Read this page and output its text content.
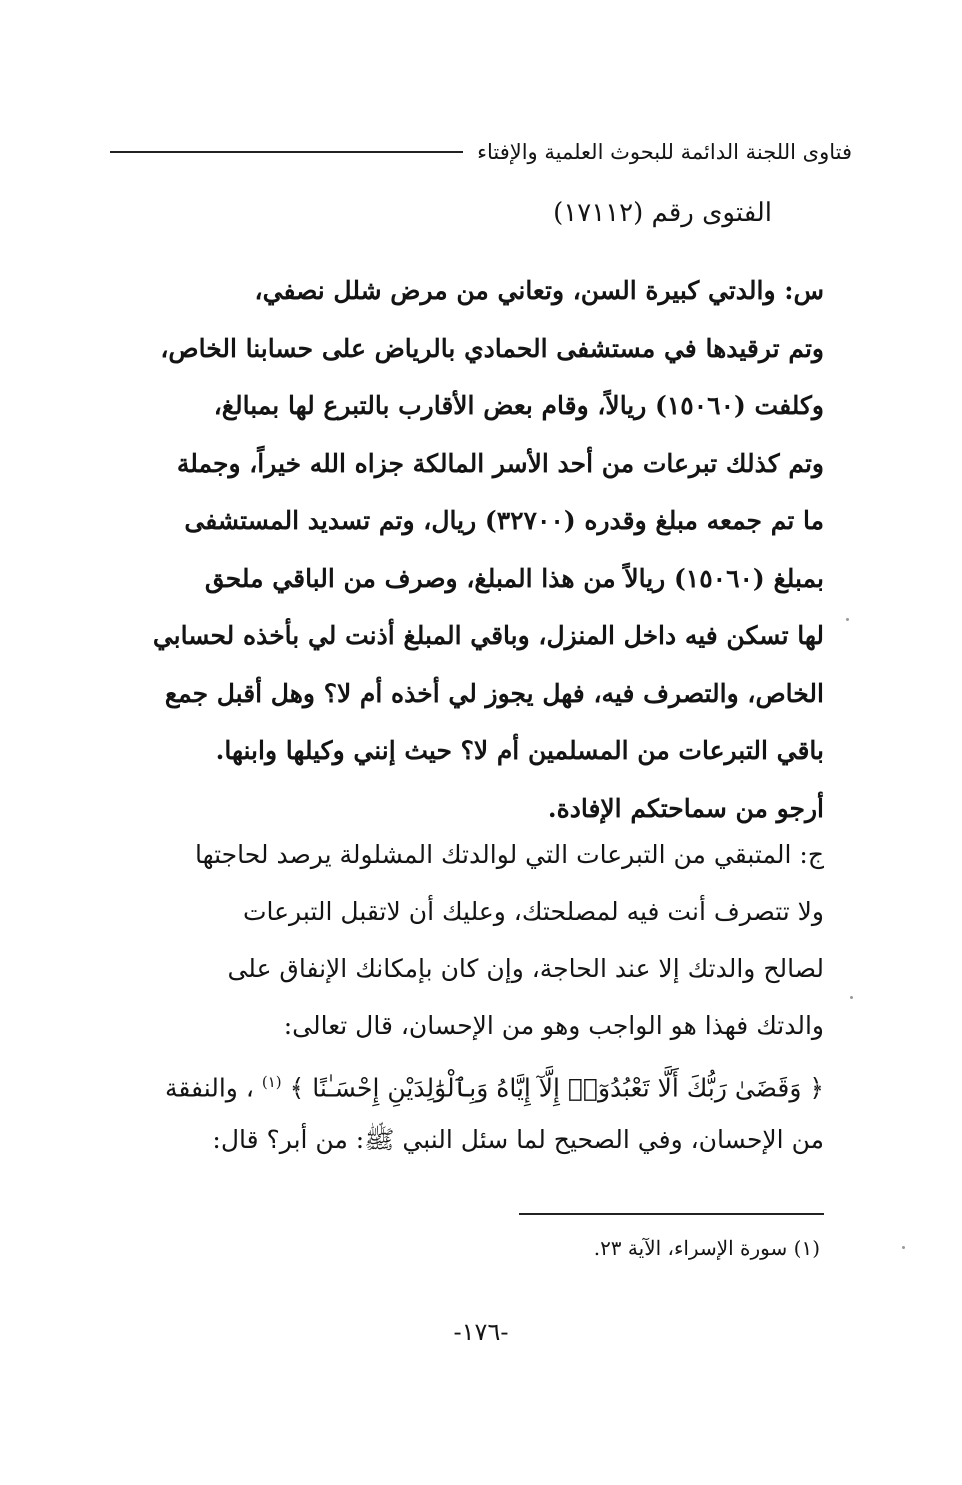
فتاوى اللجنة الدائمة للبحوث العلمية والإفتاء
الفتوى رقم (١٧١١٢)
س: والدتي كبيرة السن، وتعاني من مرض شلل نصفي،
وتم ترقيدها في مستشفى الحمادي بالرياض على حسابنا الخاص،
وكلفت (١٥٠٦٠) ريالاً، وقام بعض الأقارب بالتبرع لها بمبالغ،
وتم كذلك تبرعات من أحد الأسر المالكة جزاه الله خيراً، وجملة
ما تم جمعه مبلغ وقدره (٣٢٧٠٠) ريال، وتم تسديد المستشفى
بمبلغ (١٥٠٦٠) ريالاً من هذا المبلغ، وصرف من الباقي ملحق
لها تسكن فيه داخل المنزل، وباقي المبلغ أذنت لي بأخذه لحسابي
الخاص، والتصرف فيه، فهل يجوز لي أخذه أم لا؟ وهل أقبل جمع
باقي التبرعات من المسلمين أم لا؟ حيث إنني وكيلها وابنها.
أرجو من سماحتكم الإفادة.
ج: المتبقي من التبرعات التي لوالدتك المشلولة يرصد لحاجتها
ولا تتصرف أنت فيه لمصلحتك، وعليك أن لاتقبل التبرعات
لصالح والدتك إلا عند الحاجة، وإن كان بإمكانك الإنفاق على
والدتك فهذا هو الواجب وهو من الإحسان، قال تعالى:
﴿ وَقَضَىٰ رَبُّكَ أَلَّا تَعْبُدُوٓا۟ إِلَّآ إِيَّاهُ وَبِٱلْوَٰلِدَيْنِ إِحْسَـٰنًا ﴾ $^{(١)}$ ، والنفقة
من الإحسان، وفي الصحيح لما سئل النبي ﷺ: من أبر؟ قال:
(١) سورة الإسراء، الآية ٢٣.
-١٧٦-
